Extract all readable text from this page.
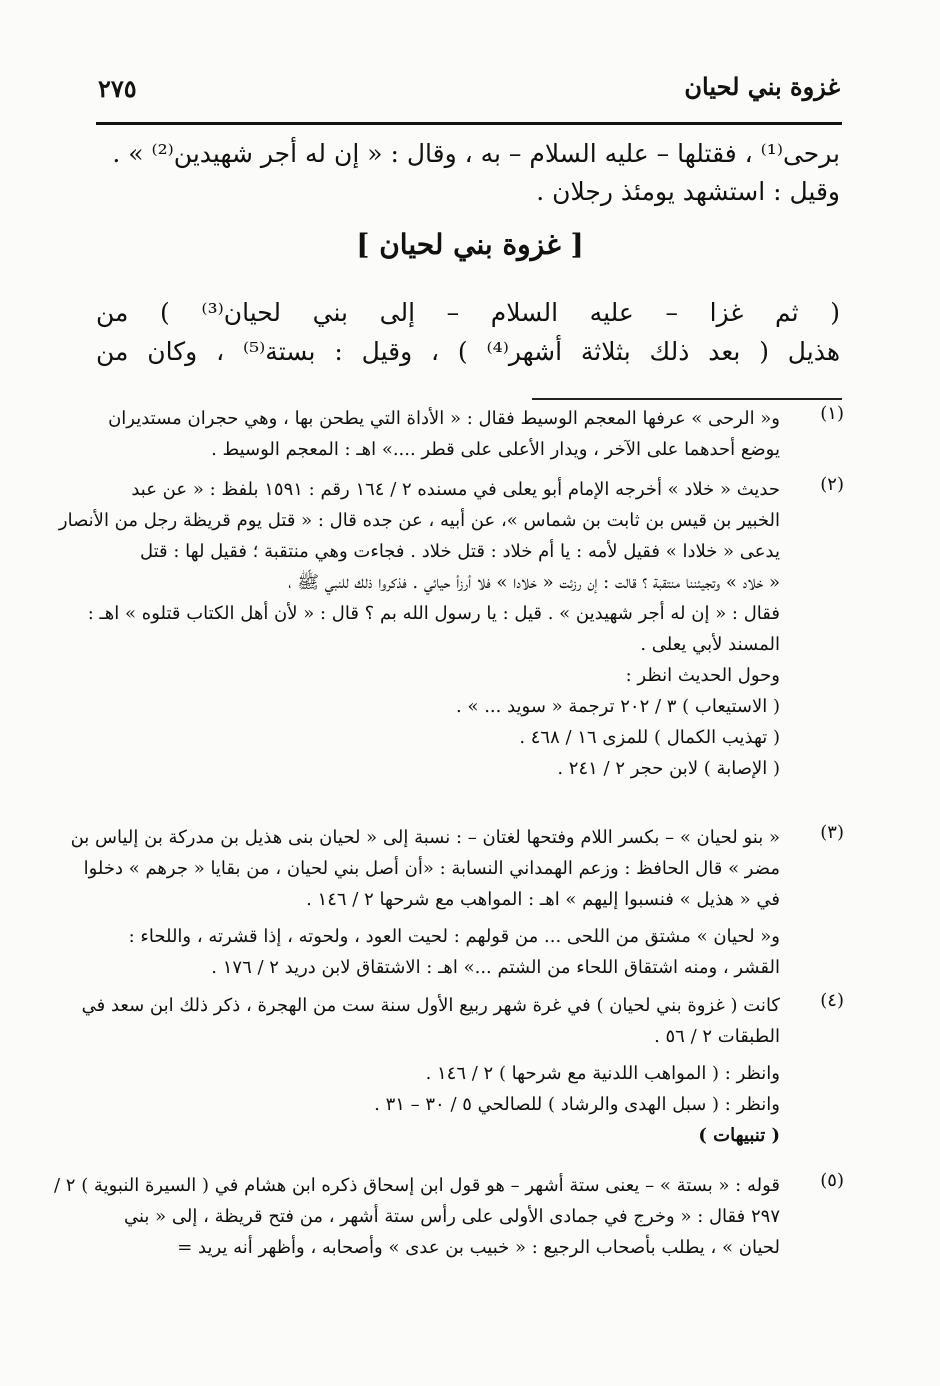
غزوة بني لحيان
٢٧٥
برحى⁽¹⁾ ، فقتلها – عليه السلام – به ، وقال : « إن له أجر شهيدين⁽²⁾ » .
وقيل : استشهد يومئذ رجلان .
[ غزوة بني لحيان ]
( ثم غزا – عليه السلام – إلى بني لحيان⁽³⁾ ) من
هذيل ( بعد ذلك بثلاثة أشهر⁽⁴⁾ ) ، وقيل : بستة⁽⁵⁾ ، وكان من
(١)
و« الرحى » عرفها المعجم الوسيط فقال : « الأداة التي يطحن بها ، وهي حجران مستديران
يوضع أحدهما على الآخر ، ويدار الأعلى على قطر ....» اهـ : المعجم الوسيط .
(٢)
حديث « خلاد » أخرجه الإمام أبو يعلى في مسنده ٢ / ١٦٤ رقم : ١٥٩١ بلفظ : « عن عبد
الخبير بن قيس بن ثابت بن شماس »، عن أبيه ، عن جده قال : « قتل يوم قريظة رجل من الأنصار
يدعى « خلادا » فقيل لأمه : يا أم خلاد : قتل خلاد . فجاءت وهي منتقبة ؛ فقيل لها : قتل
« خلاد » وتجيئننا منتقبة ؟ قالت : إن رزئت « خلادا » فلا أرزأ حيائي . فذكروا ذلك للنبي ﷺ ،
فقال : « إن له أجر شهيدين » . قيل : يا رسول الله بم ؟ قال : « لأن أهل الكتاب قتلوه » اهـ :
المسند لأبي يعلى .
وحول الحديث انظر :
( الاستيعاب ) ٣ / ٢٠٢ ترجمة « سويد ... » .
( تهذيب الكمال ) للمزى ١٦ / ٤٦٨ .
( الإصابة ) لابن حجر ٢ / ٢٤١ .
(٣)
« بنو لحيان » – بكسر اللام وفتحها لغتان – : نسبة إلى « لحيان بنى هذيل بن مدركة بن إلياس بن
مضر » قال الحافظ : وزعم الهمداني النسابة : «أن أصل بني لحيان ، من بقايا « جرهم » دخلوا
في « هذيل » فنسبوا إليهم » اهـ : المواهب مع شرحها ٢ / ١٤٦ .
و« لحيان » مشتق من اللحى ... من قولهم : لحيت العود ، ولحوته ، إذا قشرته ، واللحاء :
القشر ، ومنه اشتقاق اللحاء من الشتم ...» اهـ : الاشتقاق لابن دريد ٢ / ١٧٦ .
(٤)
كانت ( غزوة بني لحيان ) في غرة شهر ربيع الأول سنة ست من الهجرة ، ذكر ذلك ابن سعد في
الطبقات ٢ / ٥٦ .
وانظر : ( المواهب اللدنية مع شرحها ) ٢ / ١٤٦ .
وانظر : ( سبل الهدى والرشاد ) للصالحي ٥ / ٣٠ – ٣١ .
( تنبيهات )
(٥)
قوله : « بستة » – يعنى ستة أشهر – هو قول ابن إسحاق ذكره ابن هشام في ( السيرة النبوية ) ٢ /
٢٩٧ فقال : « وخرج في جمادى الأولى على رأس ستة أشهر ، من فتح قريظة ، إلى « بني
لحيان » ، يطلب بأصحاب الرجيع : « خبيب بن عدى » وأصحابه ، وأظهر أنه يريد =
